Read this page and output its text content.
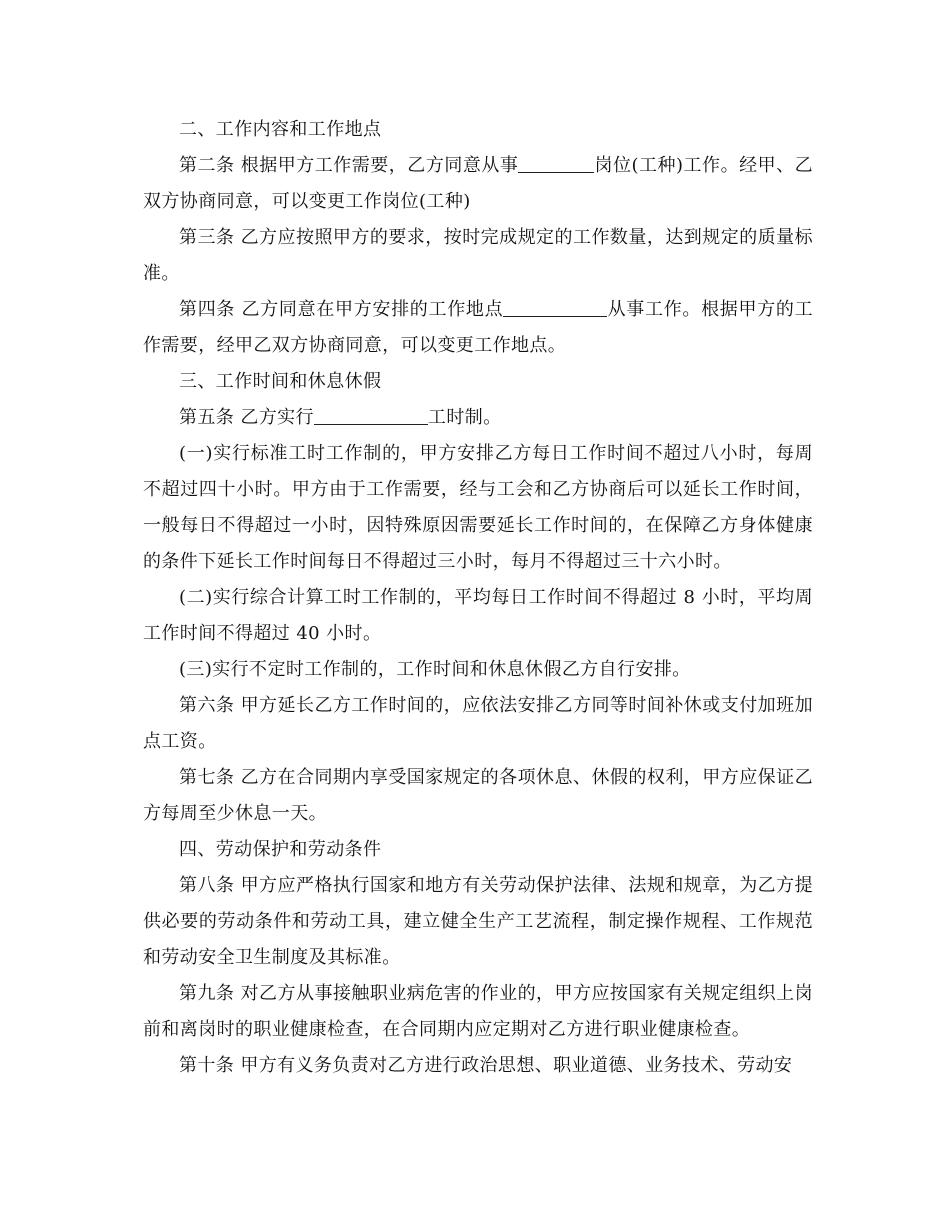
二、工作内容和工作地点

第二条 根据甲方工作需要，乙方同意从事	岗位(工种)工作。经甲、乙双方协商同意，可以变更工作岗位(工种)

第三条 乙方应按照甲方的要求，按时完成规定的工作数量，达到规定的质量标准。

第四条 乙方同意在甲方安排的工作地点	从事工作。根据甲方的工作需要，经甲乙双方协商同意，可以变更工作地点。

三、工作时间和休息休假

第五条 乙方实行	工时制。

(一)实行标准工时工作制的，甲方安排乙方每日工作时间不超过八小时，每周不超过四十小时。甲方由于工作需要，经与工会和乙方协商后可以延长工作时间，一般每日不得超过一小时，因特殊原因需要延长工作时间的，在保障乙方身体健康的条件下延长工作时间每日不得超过三小时，每月不得超过三十六小时。

(二)实行综合计算工时工作制的，平均每日工作时间不得超过 8 小时，平均周工作时间不得超过 40 小时。

(三)实行不定时工作制的，工作时间和休息休假乙方自行安排。

第六条 甲方延长乙方工作时间的，应依法安排乙方同等时间补休或支付加班加点工资。

第七条 乙方在合同期内享受国家规定的各项休息、休假的权利，甲方应保证乙方每周至少休息一天。

四、劳动保护和劳动条件

第八条 甲方应严格执行国家和地方有关劳动保护法律、法规和规章，为乙方提供必要的劳动条件和劳动工具，建立健全生产工艺流程，制定操作规程、工作规范和劳动安全卫生制度及其标准。

第九条 对乙方从事接触职业病危害的作业的，甲方应按国家有关规定组织上岗前和离岗时的职业健康检查，在合同期内应定期对乙方进行职业健康检查。

第十条 甲方有义务负责对乙方进行政治思想、职业道德、业务技术、劳动安
